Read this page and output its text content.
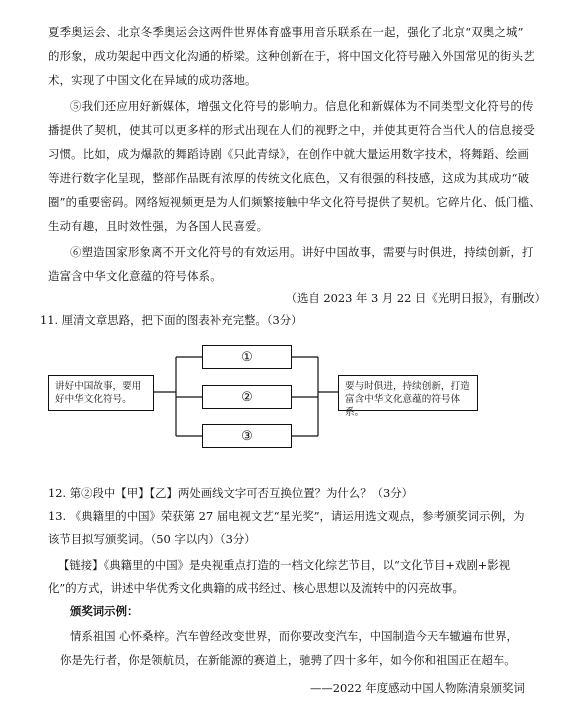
夏季奥运会、北京冬季奥运会这两件世界体育盛事用音乐联系在一起，强化了北京“双奥之城”
的形象，成功架起中西文化沟通的桥梁。这种创新在于，将中国文化符号融入外国常见的街头艺
术，实现了中国文化在异域的成功落地。
⑤我们还应用好新媒体，增强文化符号的影响力。信息化和新媒体为不同类型文化符号的传
播提供了契机，使其可以更多样的形式出现在人们的视野之中，并使其更符合当代人的信息接受
习惯。比如，成为爆款的舞蹈诗剧《只此青绿》，在创作中就大量运用数字技术，将舞蹈、绘画
等进行数字化呈现，整部作品既有浓厚的传统文化底色，又有很强的科技感，这成为其成功“破
圈”的重要密码。网络短视频更是为人们频繁接触中华文化符号提供了契机。它碎片化、低门槛、
生动有趣，且时效性强，为各国人民喜爱。
⑥塑造国家形象离不开文化符号的有效运用。讲好中国故事，需要与时俱进，持续创新，打
造富含中华文化意蕴的符号体系。
（选自 2023 年 3 月 22 日《光明日报》，有删改）
11. 厘清文章思路，把下面的图表补充完整。（3分）
讲好中国故事，要用好中华文化符号。
①
②
③
要与时俱进，持续创新，打造富含中华文化意蕴的符号体系。
12. 第②段中【甲】【乙】两处画线文字可否互换位置？为什么？（3分）
13. 《典籍里的中国》荣获第 27 届电视文艺“星光奖”，请运用选文观点，参考颁奖词示例，为
该节目拟写颁奖词。（50 字以内）（3分）
【链接】《典籍里的中国》是央视重点打造的一档文化综艺节目，以“文化节目+戏剧+影视
化”的方式，讲述中华优秀文化典籍的成书经过、核心思想以及流转中的闪亮故事。
颁奖词示例：
情系祖国 心怀桑梓。汽车曾经改变世界，而你要改变汽车，中国制造今天车辙遍布世界，
你是先行者，你是领航员，在新能源的赛道上，驰骋了四十多年，如今你和祖国正在超车。
——2022 年度感动中国人物陈清泉颁奖词
